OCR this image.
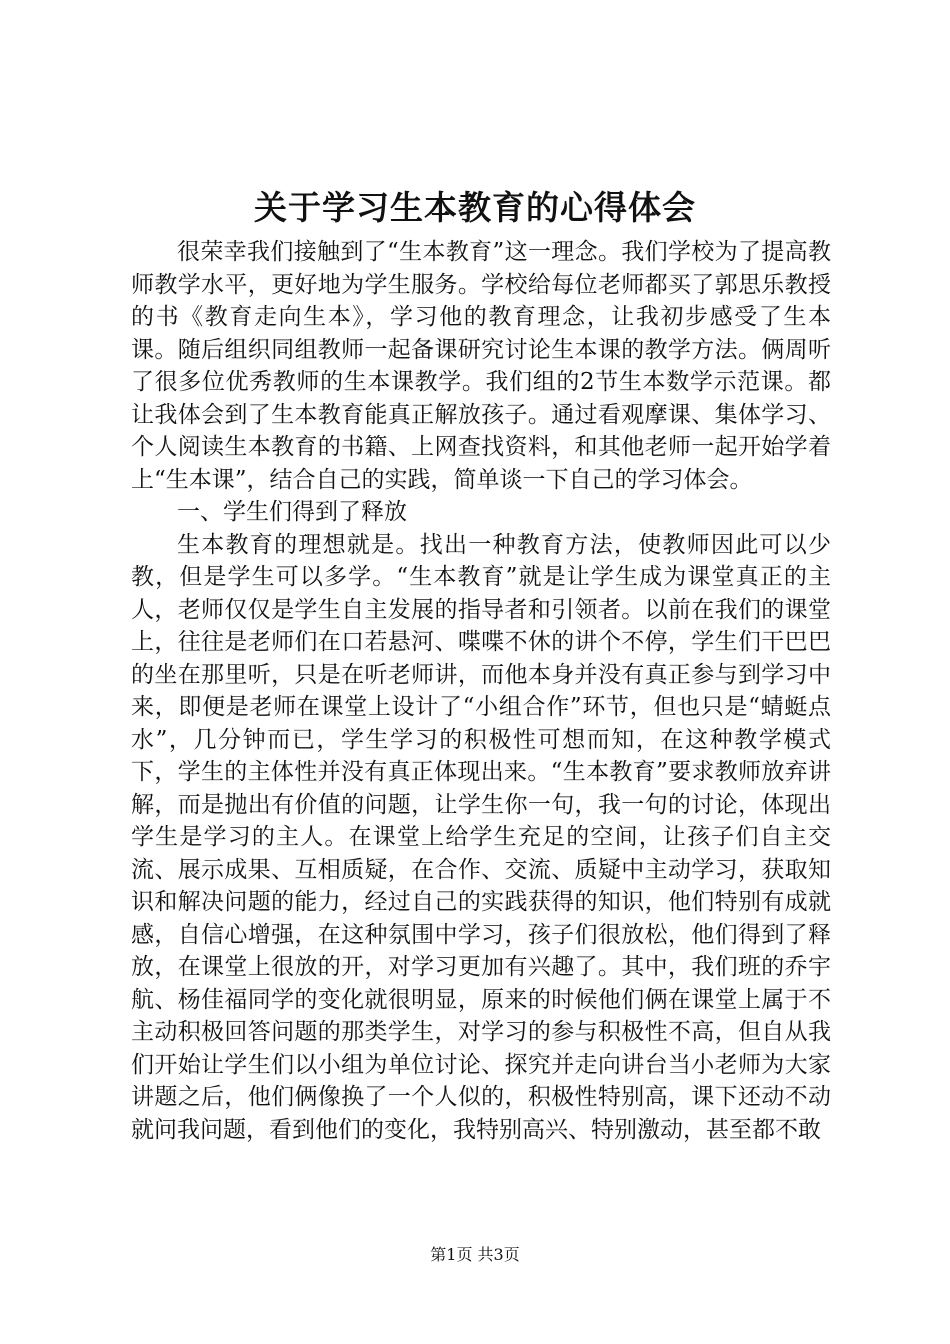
关于学习生本教育的心得体会

很荣幸我们接触到了“生本教育”这一理念。我们学校为了提高教师教学水平，更好地为学生服务。学校给每位老师都买了郭思乐教授的书《教育走向生本》，学习他的教育理念，让我初步感受了生本课。随后组织同组教师一起备课研究讨论生本课的教学方法。俩周听了很多位优秀教师的生本课教学。我们组的2节生本数学示范课。都让我体会到了生本教育能真正解放孩子。通过看观摩课、集体学习、个人阅读生本教育的书籍、上网查找资料，和其他老师一起开始学着上“生本课”，结合自己的实践，简单谈一下自己的学习体会。

一、学生们得到了释放

生本教育的理想就是。找出一种教育方法，使教师因此可以少教，但是学生可以多学。“生本教育”就是让学生成为课堂真正的主人，老师仅仅是学生自主发展的指导者和引领者。以前在我们的课堂上，往往是老师们在口若悬河、喋喋不休的讲个不停，学生们干巴巴的坐在那里听，只是在听老师讲，而他本身并没有真正参与到学习中来，即便是老师在课堂上设计了“小组合作”环节，但也只是“蜻蜓点水”，几分钟而已，学生学习的积极性可想而知，在这种教学模式下，学生的主体性并没有真正体现出来。“生本教育”要求教师放弃讲解，而是抛出有价值的问题，让学生你一句，我一句的讨论，体现出学生是学习的主人。在课堂上给学生充足的空间，让孩子们自主交流、展示成果、互相质疑，在合作、交流、质疑中主动学习，获取知识和解决问题的能力，经过自己的实践获得的知识，他们特别有成就感，自信心增强，在这种氛围中学习，孩子们很放松，他们得到了释放，在课堂上很放的开，对学习更加有兴趣了。其中，我们班的乔宇航、杨佳福同学的变化就很明显，原来的时候他们俩在课堂上属于不主动积极回答问题的那类学生，对学习的参与积极性不高，但自从我们开始让学生们以小组为单位讨论、探究并走向讲台当小老师为大家讲题之后，他们俩像换了一个人似的，积极性特别高，课下还动不动就问我问题，看到他们的变化，我特别高兴、特别激动，甚至都不敢

第1页 共3页
